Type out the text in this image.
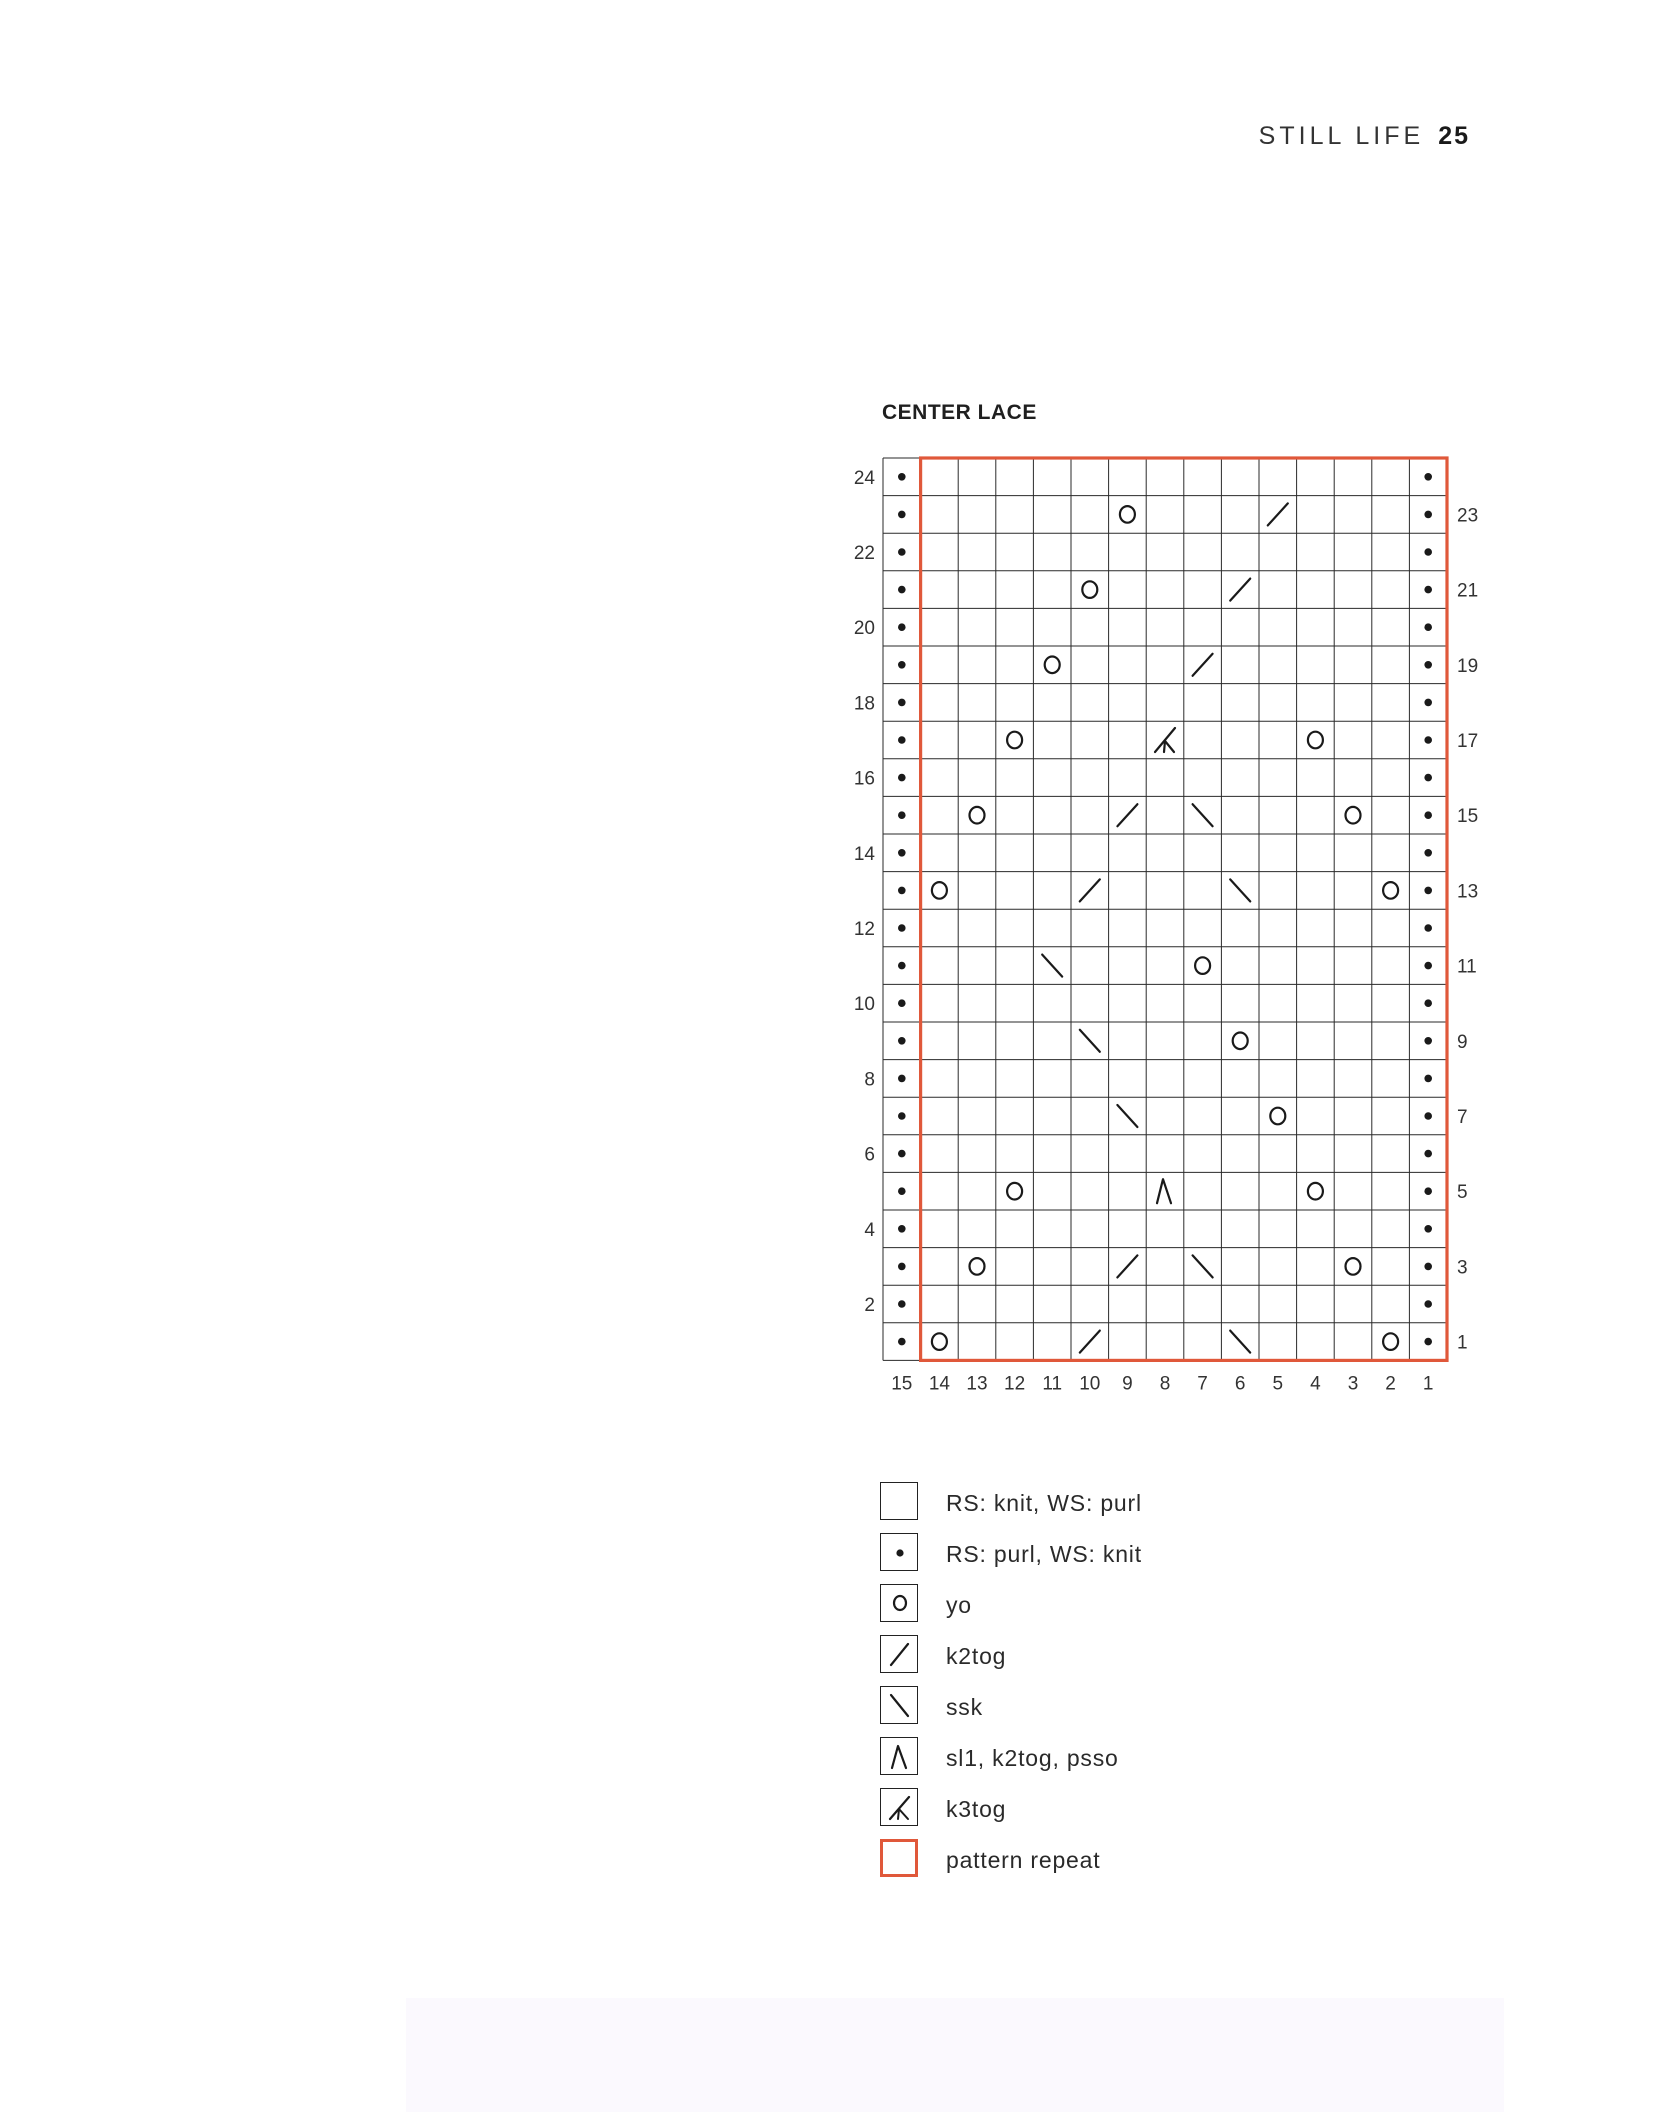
STILL LIFE 25
CENTER LACE
15 14 13 12 11 10 9 8 7 6 5 4 3 2 1
1
3
5
7
9
11
13
15
17
19
21
23
2
4
6
8
10
12
14
16
18
20
22
24
RS: knit, WS: purl
RS: purl, WS: knit
yo
k2tog
ssk
sl1, k2tog, psso
k3tog
pattern repeat
